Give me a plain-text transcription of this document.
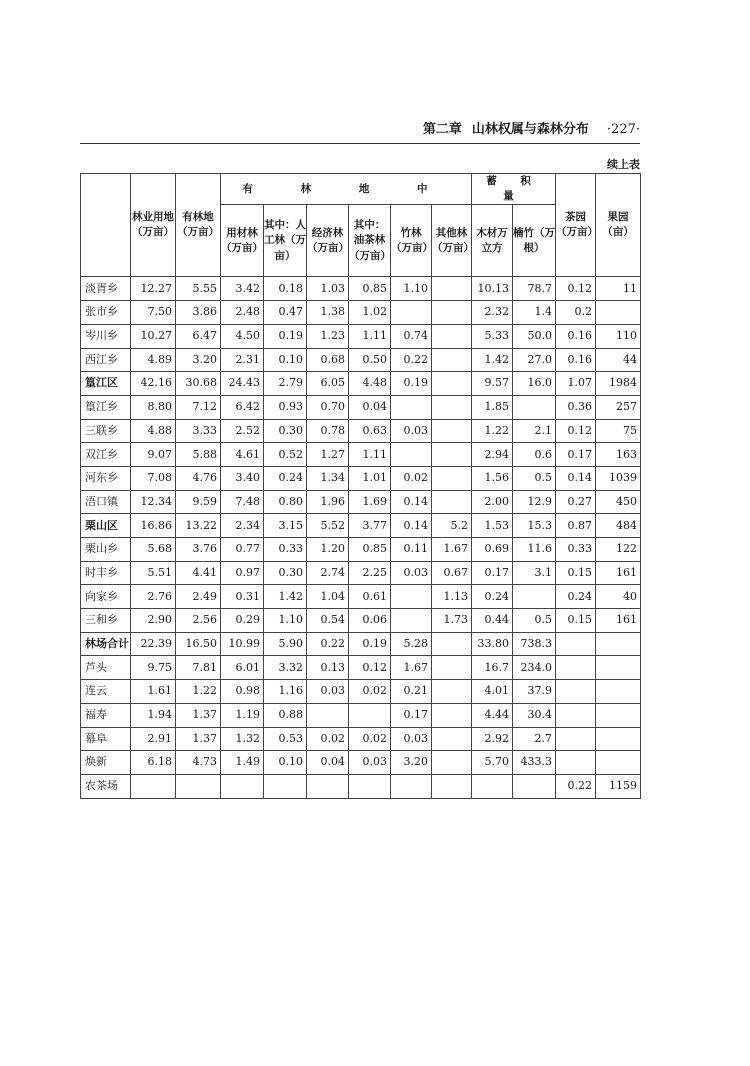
第二章 山林权属与森林分布 ·227·
续上表
	林业用地（万亩）	有林地（万亩）	有 林 地 中						蓄 积 量		茶园（万亩）	果园（亩）
			用材林（万亩）	其中：人工林（万亩）	经济林（万亩）	其中：油茶林（万亩）	竹林（万亩）	其他林（万亩）	木材万立方	楠竹（万根）		
淡胥乡	12.27	5.55	3.42	0.18	1.03	0.85	1.10		10.13	78.7	0.12	11
张市乡	7.50	3.86	2.48	0.47	1.38	1.02			2.32	1.4	0.2	
岑川乡	10.27	6.47	4.50	0.19	1.23	1.11	0.74		5.33	50.0	0.16	110
西江乡	4.89	3.20	2.31	0.10	0.68	0.50	0.22		1.42	27.0	0.16	44
篁江区	42.16	30.68	24.43	2.79	6.05	4.48	0.19		9.57	16.0	1.07	1984
篁江乡	8.80	7.12	6.42	0.93	0.70	0.04			1.85		0.36	257
三联乡	4.88	3.33	2.52	0.30	0.78	0.63	0.03		1.22	2.1	0.12	75
双江乡	9.07	5.88	4.61	0.52	1.27	1.11			2.94	0.6	0.17	163
河东乡	7.08	4.76	3.40	0.24	1.34	1.01	0.02		1.56	0.5	0.14	1039
浯口镇	12.34	9.59	7.48	0.80	1.96	1.69	0.14		2.00	12.9	0.27	450
栗山区	16.86	13.22	2.34	3.15	5.52	3.77	0.14	5.2	1.53	15.3	0.87	484
栗山乡	5.68	3.76	0.77	0.33	1.20	0.85	0.11	1.67	0.69	11.6	0.33	122
时丰乡	5.51	4.41	0.97	0.30	2.74	2.25	0.03	0.67	0.17	3.1	0.15	161
向家乡	2.76	2.49	0.31	1.42	1.04	0.61		1.13	0.24		0.24	40
三和乡	2.90	2.56	0.29	1.10	0.54	0.06		1.73	0.44	0.5	0.15	161
林场合计	22.39	16.50	10.99	5.90	0.22	0.19	5.28		33.80	738.3		
芦头	9.75	7.81	6.01	3.32	0.13	0.12	1.67		16.7	234.0		
连云	1.61	1.22	0.98	1.16	0.03	0.02	0.21		4.01	37.9		
福寿	1.94	1.37	1.19	0.88			0.17		4.44	30.4		
幕阜	2.91	1.37	1.32	0.53	0.02	0.02	0.03		2.92	2.7		
焕新	6.18	4.73	1.49	0.10	0.04	0.03	3.20		5.70	433.3		
农茶场											0.22	1159
